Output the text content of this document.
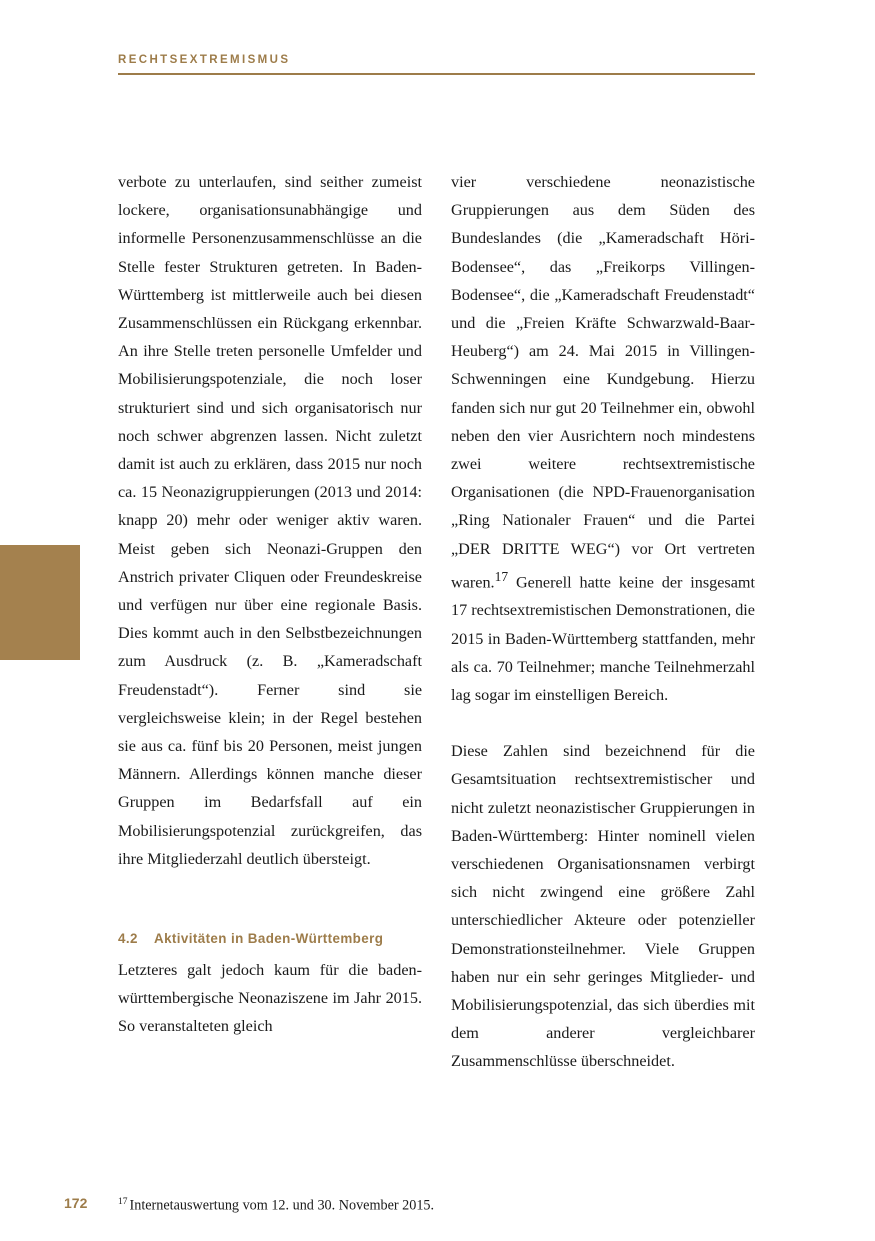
RECHTSEXTREMISMUS

verbote zu unterlaufen, sind seither zumeist lockere, organisationsunabhängige und informelle Personenzusammenschlüsse an die Stelle fester Strukturen getreten. In Baden-Württemberg ist mittlerweile auch bei diesen Zusammenschlüssen ein Rückgang erkennbar. An ihre Stelle treten personelle Umfelder und Mobilisierungspotenziale, die noch loser strukturiert sind und sich organisatorisch nur noch schwer abgrenzen lassen. Nicht zuletzt damit ist auch zu erklären, dass 2015 nur noch ca. 15 Neonazigruppierungen (2013 und 2014: knapp 20) mehr oder weniger aktiv waren. Meist geben sich Neonazi-Gruppen den Anstrich privater Cliquen oder Freundeskreise und verfügen nur über eine regionale Basis. Dies kommt auch in den Selbstbezeichnungen zum Ausdruck (z. B. „Kameradschaft Freudenstadt“). Ferner sind sie vergleichsweise klein; in der Regel bestehen sie aus ca. fünf bis 20 Personen, meist jungen Männern. Allerdings können manche dieser Gruppen im Bedarfsfall auf ein Mobilisierungspotenzial zurückgreifen, das ihre Mitgliederzahl deutlich übersteigt.

4.2	Aktivitäten in Baden-Württemberg

Letzteres galt jedoch kaum für die baden-württembergische Neonaziszene im Jahr 2015. So veranstalteten gleich

vier verschiedene neonazistische Gruppierungen aus dem Süden des Bundeslandes (die „Kameradschaft Höri-Bodensee“, das „Freikorps Villingen-Bodensee“, die „Kameradschaft Freudenstadt“ und die „Freien Kräfte Schwarzwald-Baar-Heuberg“) am 24. Mai 2015 in Villingen-Schwenningen eine Kundgebung. Hierzu fanden sich nur gut 20 Teilnehmer ein, obwohl neben den vier Ausrichtern noch mindestens zwei weitere rechtsextremistische Organisationen (die NPD-Frauenorganisation „Ring Nationaler Frauen“ und die Partei „DER DRITTE WEG“) vor Ort vertreten waren.$^{17}$ Generell hatte keine der insgesamt 17 rechtsextremistischen Demonstrationen, die 2015 in Baden-Württemberg stattfanden, mehr als ca. 70 Teilnehmer; manche Teilnehmerzahl lag sogar im einstelligen Bereich.

Diese Zahlen sind bezeichnend für die Gesamtsituation rechtsextremistischer und nicht zuletzt neonazistischer Gruppierungen in Baden-Württemberg: Hinter nominell vielen verschiedenen Organisationsnamen verbirgt sich nicht zwingend eine größere Zahl unterschiedlicher Akteure oder potenzieller Demonstrationsteilnehmer. Viele Gruppen haben nur ein sehr geringes Mitglieder- und Mobilisierungspotenzial, das sich überdies mit dem anderer vergleichbarer Zusammenschlüsse überschneidet.

$^{17}$ Internetauswertung vom 12. und 30. November 2015.
172
